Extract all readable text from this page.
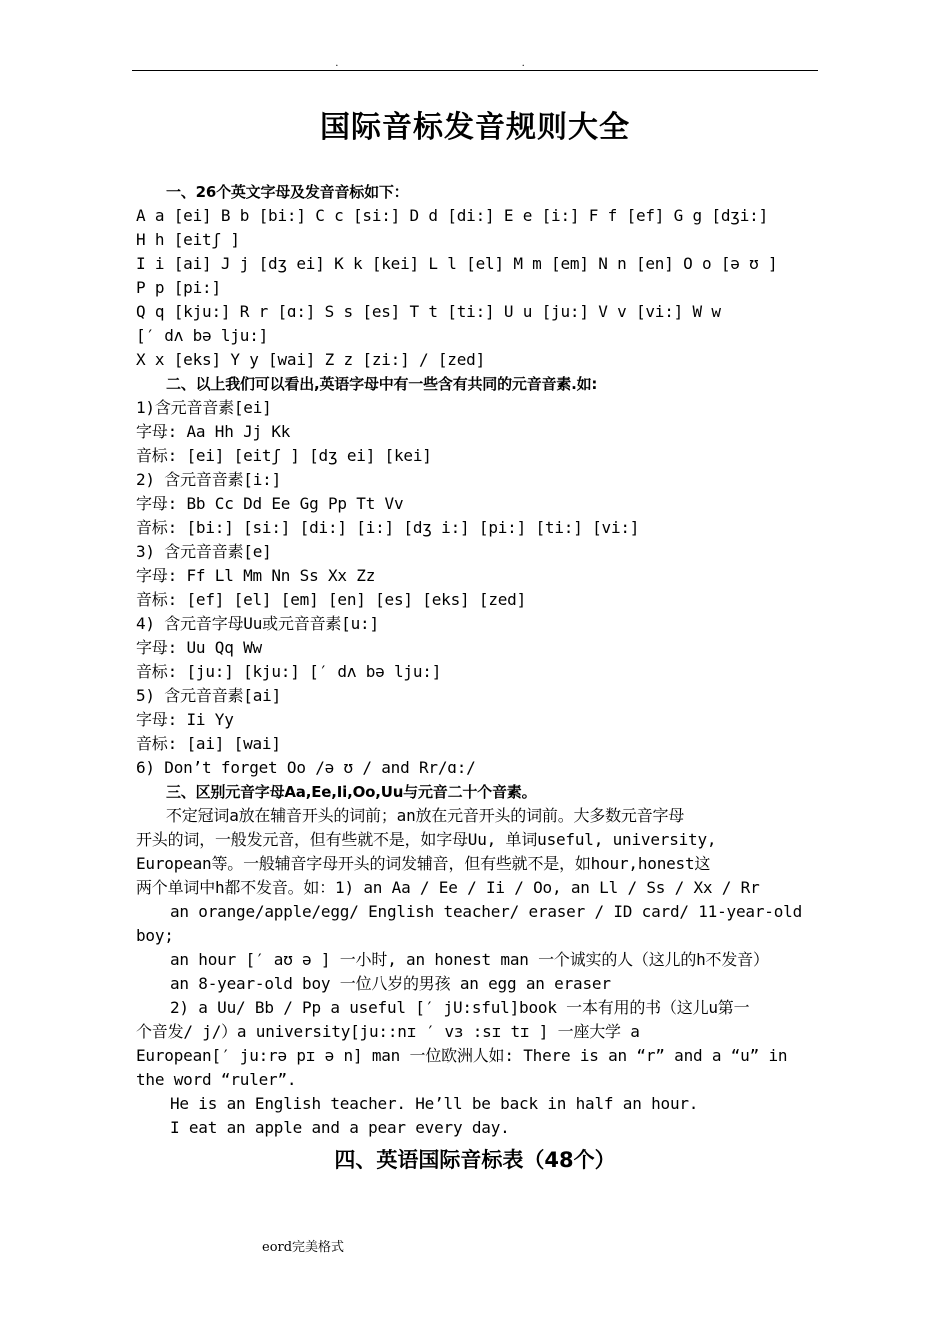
. .
国际音标发音规则大全
一、26个英文字母及发音音标如下：
A a [ei] B b [bi:] C c [si:] D d [di:] E e [i:] F f [ef] G g [dʒi:]
H h [eitʃ ]
I i [ai] J j [dʒ ei] K k [kei] L l [el] M m [em] N n [en] O o [ə ʊ ]
P p [pi:]
Q q [kju:] R r [ɑ:] S s [es] T t [ti:] U u [ju:] V v [vi:] W w
[′ dʌ bə lju:]
X x [eks] Y y [wai] Z z [zi:] / [zed]
二、以上我们可以看出,英语字母中有一些含有共同的元音音素.如:
1)含元音音素[ei]
字母: Aa Hh Jj Kk
音标: [ei] [eitʃ ] [dʒ ei] [kei]
2) 含元音音素[i:]
字母: Bb Cc Dd Ee Gg Pp Tt Vv
音标: [bi:] [si:] [di:] [i:] [dʒ i:] [pi:] [ti:] [vi:]
3) 含元音音素[e]
字母: Ff Ll Mm Nn Ss Xx Zz
音标: [ef] [el] [em] [en] [es] [eks] [zed]
4) 含元音字母Uu或元音音素[u:]
字母: Uu Qq Ww
音标: [ju:] [kju:] [′ dʌ bə lju:]
5) 含元音音素[ai]
字母: Ii Yy
音标: [ai] [wai]
6) Don’t forget Oo /ə ʊ / and Rr/ɑ:/
三、区别元音字母Aa,Ee,Ii,Oo,Uu与元音二十个音素。
不定冠词a放在辅音开头的词前；an放在元音开头的词前。大多数元音字母
开头的词，一般发元音，但有些就不是，如字母Uu, 单词useful, university,
European等。一般辅音字母开头的词发辅音，但有些就不是，如hour,honest这
两个单词中h都不发音。如：1) an Aa / Ee / Ii / Oo, an Ll / Ss / Xx / Rr
an orange/apple/egg/ English teacher/ eraser / ID card/ 11-year-old
boy;
an hour [′ aʊ ə ] 一小时, an honest man 一个诚实的人（这儿的h不发音）
an 8-year-old boy 一位八岁的男孩 an egg an eraser
2) a Uu/ Bb / Pp a useful [′ jU:sful]book 一本有用的书（这儿u第一
个音发/ j/）a university[ju::nɪ ′ vɜ :sɪ tɪ ] 一座大学 a
European[′ ju:rə pɪ ə n] man 一位欧洲人如: There is an “r” and a “u” in
the word “ruler”.
He is an English teacher. He’ll be back in half an hour.
I eat an apple and a pear every day.
四、英语国际音标表（48个）
eord完美格式
